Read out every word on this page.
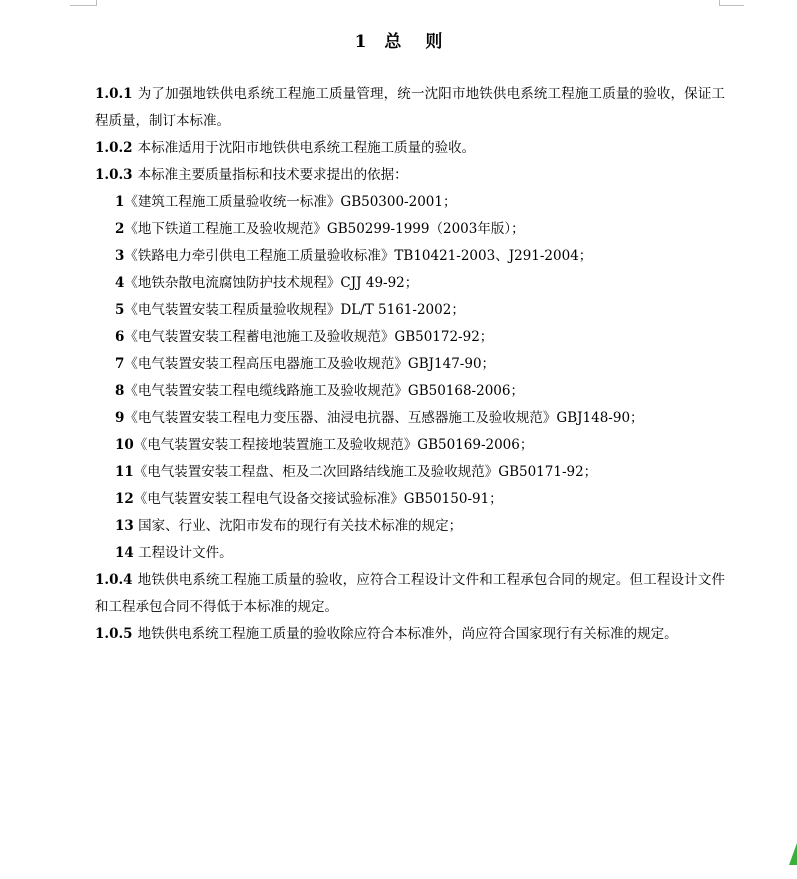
1 总 则

1.0.1 为了加强地铁供电系统工程施工质量管理，统一沈阳市地铁供电系统工程施工质量的验收，保证工程质量，制订本标准。

1.0.2 本标准适用于沈阳市地铁供电系统工程施工质量的验收。

1.0.3 本标准主要质量指标和技术要求提出的依据：

1《建筑工程施工质量验收统一标准》GB50300-2001；

2《地下铁道工程施工及验收规范》GB50299-1999（2003年版）；

3《铁路电力牵引供电工程施工质量验收标准》TB10421-2003、J291-2004；

4《地铁杂散电流腐蚀防护技术规程》CJJ 49-92；

5《电气装置安装工程质量验收规程》DL/T 5161-2002；

6《电气装置安装工程蓄电池施工及验收规范》GB50172-92；

7《电气装置安装工程高压电器施工及验收规范》GBJ147-90；

8《电气装置安装工程电缆线路施工及验收规范》GB50168-2006；

9《电气装置安装工程电力变压器、油浸电抗器、互感器施工及验收规范》GBJ148-90；

10《电气装置安装工程接地装置施工及验收规范》GB50169-2006；

11《电气装置安装工程盘、柜及二次回路结线施工及验收规范》GB50171-92；

12《电气装置安装工程电气设备交接试验标准》GB50150-91；

13 国家、行业、沈阳市发布的现行有关技术标准的规定；

14 工程设计文件。

1.0.4 地铁供电系统工程施工质量的验收，应符合工程设计文件和工程承包合同的规定。但工程设计文件和工程承包合同不得低于本标准的规定。

1.0.5 地铁供电系统工程施工质量的验收除应符合本标准外，尚应符合国家现行有关标准的规定。
